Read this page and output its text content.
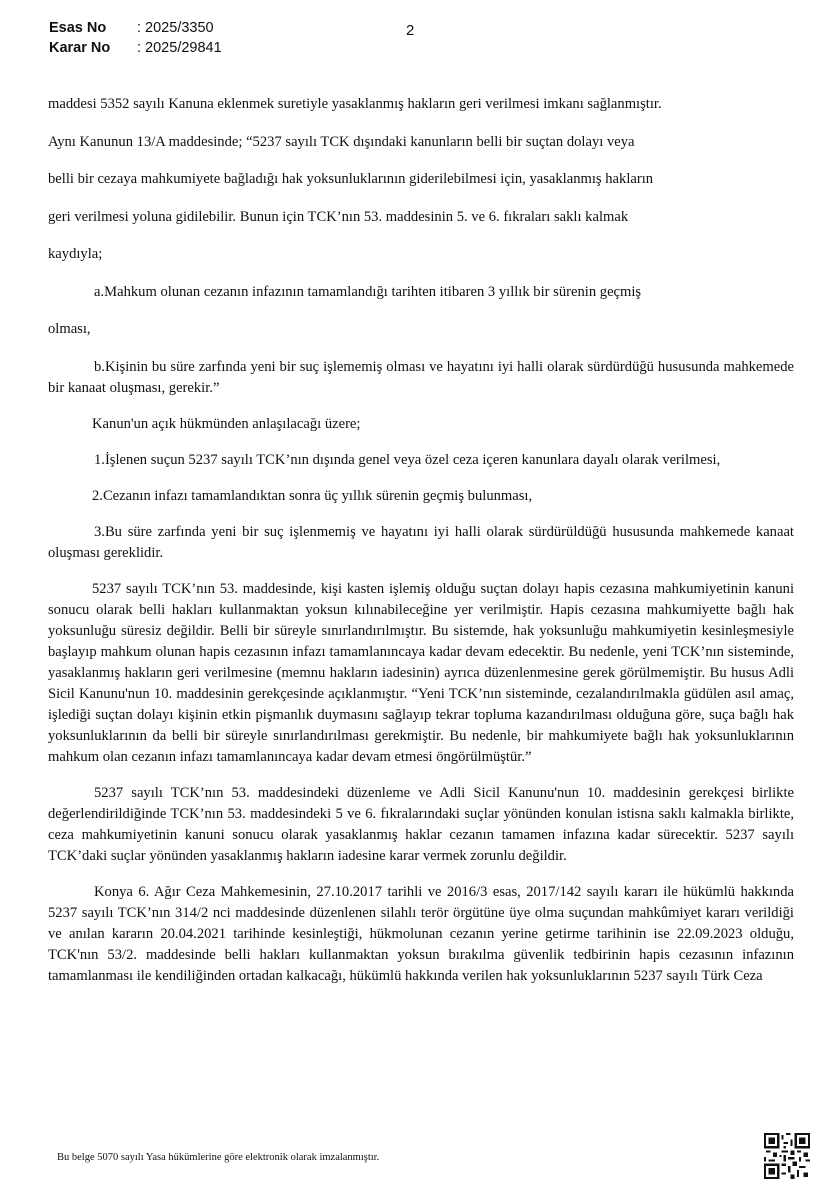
Esas No	: 2025/3350
Karar No	: 2025/29841
2

maddesi 5352 sayılı Kanuna eklenmek suretiyle yasaklanmış hakların geri verilmesi imkanı sağlanmıştır.

Aynı Kanunun 13/A maddesinde; “5237 sayılı TCK dışındaki kanunların belli bir suçtan dolayı veya

belli bir cezaya mahkumiyete bağladığı hak yoksunluklarının giderilebilmesi için, yasaklanmış hakların

geri verilmesi yoluna gidilebilir. Bunun için TCK’nın 53. maddesinin 5. ve 6. fıkraları saklı kalmak

kaydıyla;

a.Mahkum olunan cezanın infazının tamamlandığı tarihten itibaren 3 yıllık bir sürenin geçmiş

olması,

b.Kişinin bu süre zarfında yeni bir suç işlememiş olması ve hayatını iyi halli olarak sürdürdüğü hususunda mahkemede bir kanaat oluşması, gerekir.”

Kanun'un açık hükmünden anlaşılacağı üzere;

1.İşlenen suçun 5237 sayılı TCK’nın dışında genel veya özel ceza içeren kanunlara dayalı olarak verilmesi,

2.Cezanın infazı tamamlandıktan sonra üç yıllık sürenin geçmiş bulunması,

3.Bu süre zarfında yeni bir suç işlenmemiş ve hayatını iyi halli olarak sürdürüldüğü hususunda mahkemede kanaat oluşması gereklidir.

5237 sayılı TCK’nın 53. maddesinde, kişi kasten işlemiş olduğu suçtan dolayı hapis cezasına mahkumiyetinin kanuni sonucu olarak belli hakları kullanmaktan yoksun kılınabileceğine yer verilmiştir. Hapis cezasına mahkumiyette bağlı hak yoksunluğu süresiz değildir. Belli bir süreyle sınırlandırılmıştır. Bu sistemde, hak yoksunluğu mahkumiyetin kesinleşmesiyle başlayıp mahkum olunan hapis cezasının infazı tamamlanıncaya kadar devam edecektir. Bu nedenle, yeni TCK’nın sisteminde, yasaklanmış hakların geri verilmesine (memnu hakların iadesinin) ayrıca düzenlenmesine gerek görülmemiştir. Bu husus Adli Sicil Kanunu'nun 10. maddesinin gerekçesinde açıklanmıştır. “Yeni TCK’nın sisteminde, cezalandırılmakla güdülen asıl amaç, işlediği suçtan dolayı kişinin etkin pişmanlık duymasını sağlayıp tekrar topluma kazandırılması olduğuna göre, suça bağlı hak yoksunluklarının da belli bir süreyle sınırlandırılması gerekmiştir. Bu nedenle, bir mahkumiyete bağlı hak yoksunluklarının mahkum olan cezanın infazı tamamlanıncaya kadar devam etmesi öngörülmüştür.”

5237 sayılı TCK’nın 53. maddesindeki düzenleme ve Adli Sicil Kanunu'nun 10. maddesinin gerekçesi birlikte değerlendirildiğinde TCK’nın 53. maddesindeki 5 ve 6. fıkralarındaki suçlar yönünden konulan istisna saklı kalmakla birlikte, ceza mahkumiyetinin kanuni sonucu olarak yasaklanmış haklar cezanın tamamen infazına kadar sürecektir. 5237 sayılı TCK’daki suçlar yönünden yasaklanmış hakların iadesine karar vermek zorunlu değildir.

Konya 6. Ağır Ceza Mahkemesinin, 27.10.2017 tarihli ve 2016/3 esas, 2017/142 sayılı kararı ile hükümlü hakkında 5237 sayılı TCK’nın 314/2 nci maddesinde düzenlenen silahlı terör örgütüne üye olma suçundan mahkûmiyet kararı verildiği ve anılan kararın 20.04.2021 tarihinde kesinleştiği, hükmolunan cezanın yerine getirme tarihinin ise 22.09.2023 olduğu, TCK'nın 53/2. maddesinde belli hakları kullanmaktan yoksun bırakılma güvenlik tedbirinin hapis cezasının infazının tamamlanması ile kendiliğinden ortadan kalkacağı, hükümlü hakkında verilen hak yoksunluklarının 5237 sayılı Türk Ceza

Bu belge 5070 sayılı Yasa hükümlerine göre elektronik olarak imzalanmıştır.
